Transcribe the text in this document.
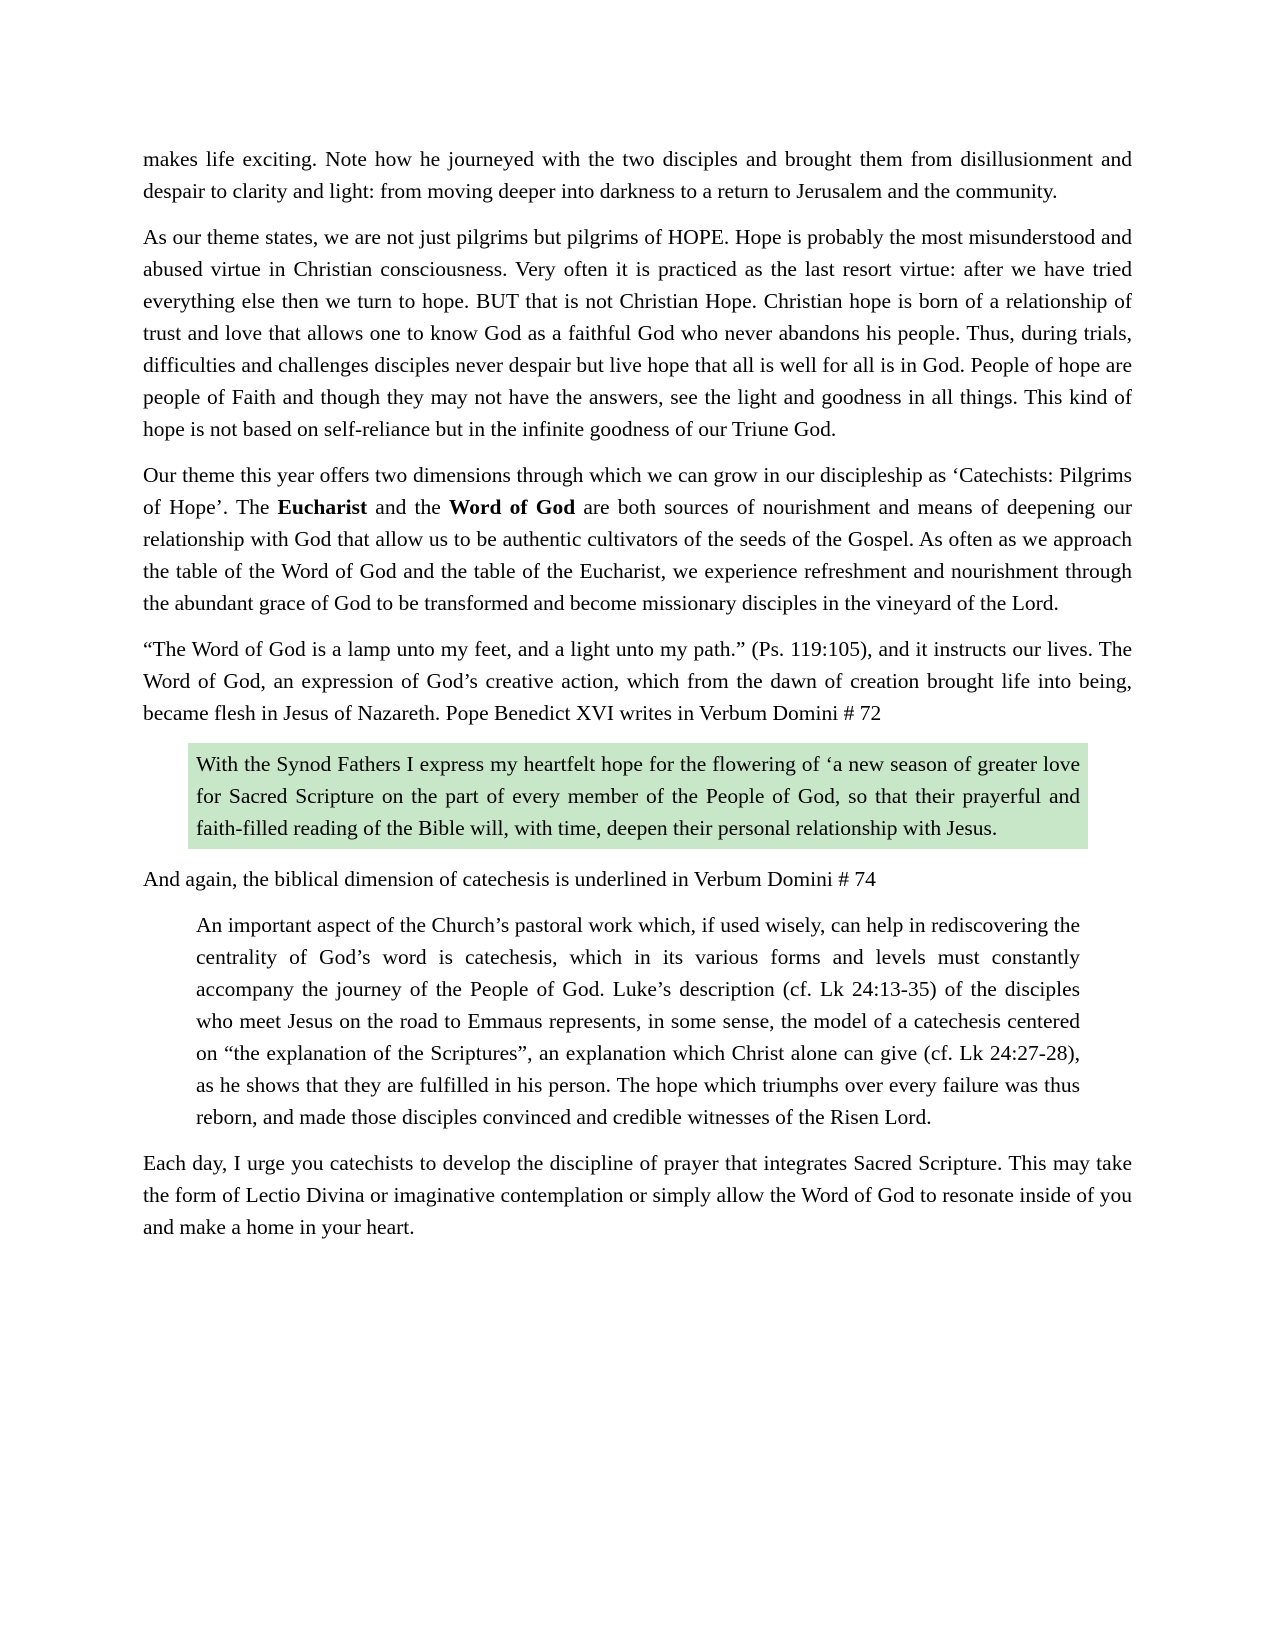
makes life exciting. Note how he journeyed with the two disciples and brought them from disillusionment and despair to clarity and light: from moving deeper into darkness to a return to Jerusalem and the community.

As our theme states, we are not just pilgrims but pilgrims of HOPE. Hope is probably the most misunderstood and abused virtue in Christian consciousness. Very often it is practiced as the last resort virtue: after we have tried everything else then we turn to hope. BUT that is not Christian Hope. Christian hope is born of a relationship of trust and love that allows one to know God as a faithful God who never abandons his people. Thus, during trials, difficulties and challenges disciples never despair but live hope that all is well for all is in God. People of hope are people of Faith and though they may not have the answers, see the light and goodness in all things. This kind of hope is not based on self-reliance but in the infinite goodness of our Triune God.

Our theme this year offers two dimensions through which we can grow in our discipleship as ‘Catechists: Pilgrims of Hope’. The Eucharist and the Word of God are both sources of nourishment and means of deepening our relationship with God that allow us to be authentic cultivators of the seeds of the Gospel. As often as we approach the table of the Word of God and the table of the Eucharist, we experience refreshment and nourishment through the abundant grace of God to be transformed and become missionary disciples in the vineyard of the Lord.

“The Word of God is a lamp unto my feet, and a light unto my path.” (Ps. 119:105), and it instructs our lives. The Word of God, an expression of God’s creative action, which from the dawn of creation brought life into being, became flesh in Jesus of Nazareth. Pope Benedict XVI writes in Verbum Domini # 72

With the Synod Fathers I express my heartfelt hope for the flowering of ‘a new season of greater love for Sacred Scripture on the part of every member of the People of God, so that their prayerful and faith-filled reading of the Bible will, with time, deepen their personal relationship with Jesus.

And again, the biblical dimension of catechesis is underlined in Verbum Domini # 74

An important aspect of the Church’s pastoral work which, if used wisely, can help in rediscovering the centrality of God’s word is catechesis, which in its various forms and levels must constantly accompany the journey of the People of God. Luke’s description (cf. Lk 24:13-35) of the disciples who meet Jesus on the road to Emmaus represents, in some sense, the model of a catechesis centered on “the explanation of the Scriptures”, an explanation which Christ alone can give (cf. Lk 24:27-28), as he shows that they are fulfilled in his person. The hope which triumphs over every failure was thus reborn, and made those disciples convinced and credible witnesses of the Risen Lord.

Each day, I urge you catechists to develop the discipline of prayer that integrates Sacred Scripture. This may take the form of Lectio Divina or imaginative contemplation or simply allow the Word of God to resonate inside of you and make a home in your heart.
